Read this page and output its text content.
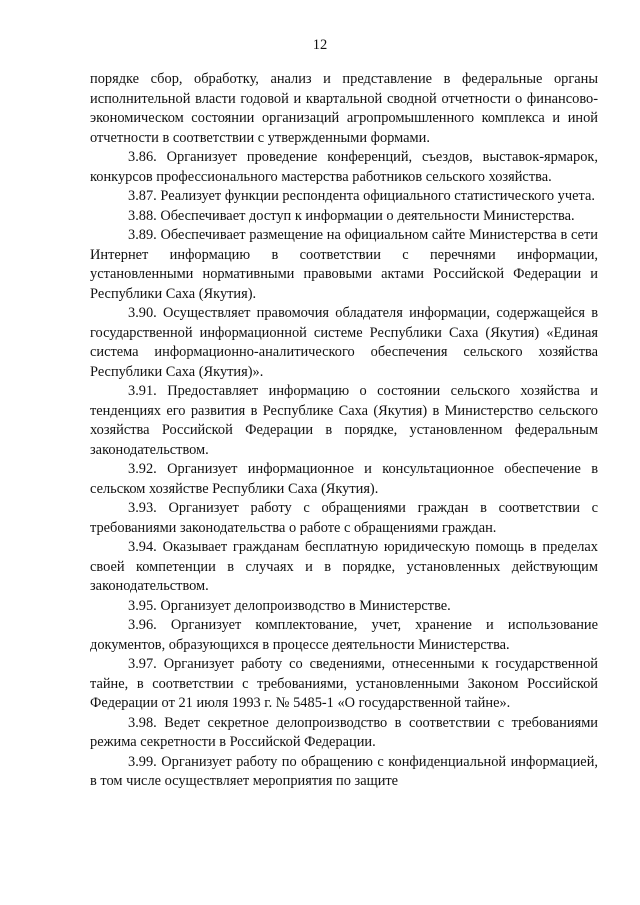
12

порядке сбор, обработку, анализ и представление в федеральные органы исполнительной власти годовой и квартальной сводной отчетности о финансово-экономическом состоянии организаций агропромышленного комплекса и иной отчетности в соответствии с утвержденными формами.

3.86. Организует проведение конференций, съездов, выставок-ярмарок, конкурсов профессионального мастерства работников сельского хозяйства.

3.87. Реализует функции респондента официального статистического учета.

3.88. Обеспечивает доступ к информации о деятельности Министерства.

3.89. Обеспечивает размещение на официальном сайте Министерства в сети Интернет информацию в соответствии с перечнями информации, установленными нормативными правовыми актами Российской Федерации и Республики Саха (Якутия).

3.90. Осуществляет правомочия обладателя информации, содержащейся в государственной информационной системе Республики Саха (Якутия) «Единая система информационно-аналитического обеспечения сельского хозяйства Республики Саха (Якутия)».

3.91. Предоставляет информацию о состоянии сельского хозяйства и тенденциях его развития в Республике Саха (Якутия) в Министерство сельского хозяйства Российской Федерации в порядке, установленном федеральным законодательством.

3.92. Организует информационное и консультационное обеспечение в сельском хозяйстве Республики Саха (Якутия).

3.93. Организует работу с обращениями граждан в соответствии с требованиями законодательства о работе с обращениями граждан.

3.94. Оказывает гражданам бесплатную юридическую помощь в пределах своей компетенции в случаях и в порядке, установленных действующим законодательством.

3.95. Организует делопроизводство в Министерстве.

3.96. Организует комплектование, учет, хранение и использование документов, образующихся в процессе деятельности Министерства.

3.97. Организует работу со сведениями, отнесенными к государственной тайне, в соответствии с требованиями, установленными Законом Российской Федерации от 21 июля 1993 г. № 5485-1 «О государственной тайне».

3.98. Ведет секретное делопроизводство в соответствии с требованиями режима секретности в Российской Федерации.

3.99. Организует работу по обращению с конфиденциальной информацией, в том числе осуществляет мероприятия по защите
